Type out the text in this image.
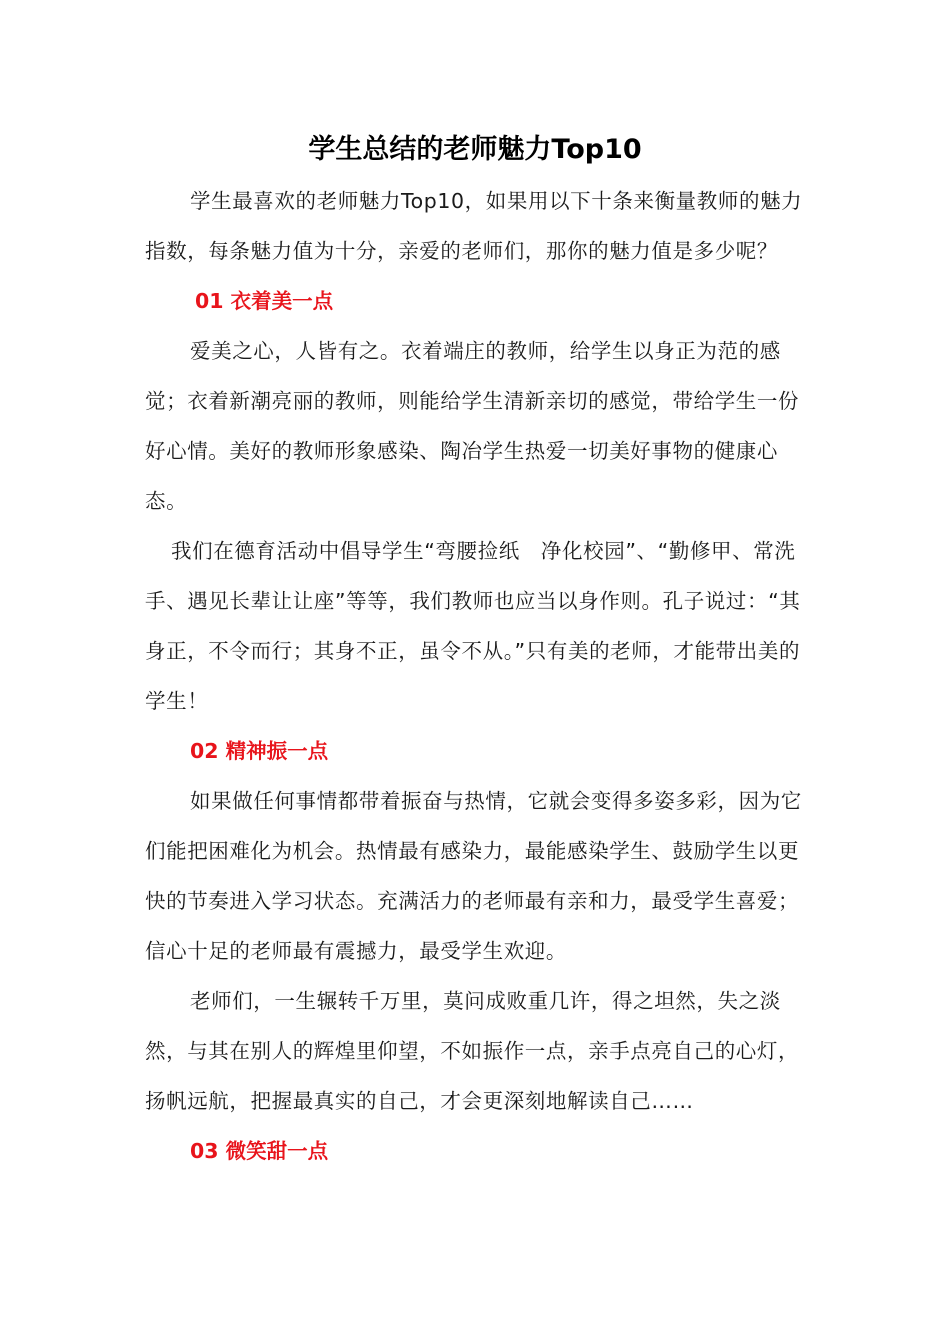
学生总结的老师魅力Top10

学生最喜欢的老师魅力Top10，如果用以下十条来衡量教师的魅力指数，每条魅力值为十分，亲爱的老师们，那你的魅力值是多少呢？

01 衣着美一点

爱美之心，人皆有之。衣着端庄的教师，给学生以身正为范的感觉；衣着新潮亮丽的教师，则能给学生清新亲切的感觉，带给学生一份好心情。美好的教师形象感染、陶冶学生热爱一切美好事物的健康心态。

我们在德育活动中倡导学生“弯腰捡纸　净化校园”、“勤修甲、常洗手、遇见长辈让让座”等等，我们教师也应当以身作则。孔子说过：“其身正，不令而行；其身不正，虽令不从。”只有美的老师，才能带出美的学生！

02 精神振一点

如果做任何事情都带着振奋与热情，它就会变得多姿多彩，因为它们能把困难化为机会。热情最有感染力，最能感染学生、鼓励学生以更快的节奏进入学习状态。充满活力的老师最有亲和力，最受学生喜爱；信心十足的老师最有震撼力，最受学生欢迎。

老师们，一生辗转千万里，莫问成败重几许，得之坦然，失之淡然，与其在别人的辉煌里仰望，不如振作一点，亲手点亮自己的心灯，扬帆远航，把握最真实的自己，才会更深刻地解读自己……

03 微笑甜一点
